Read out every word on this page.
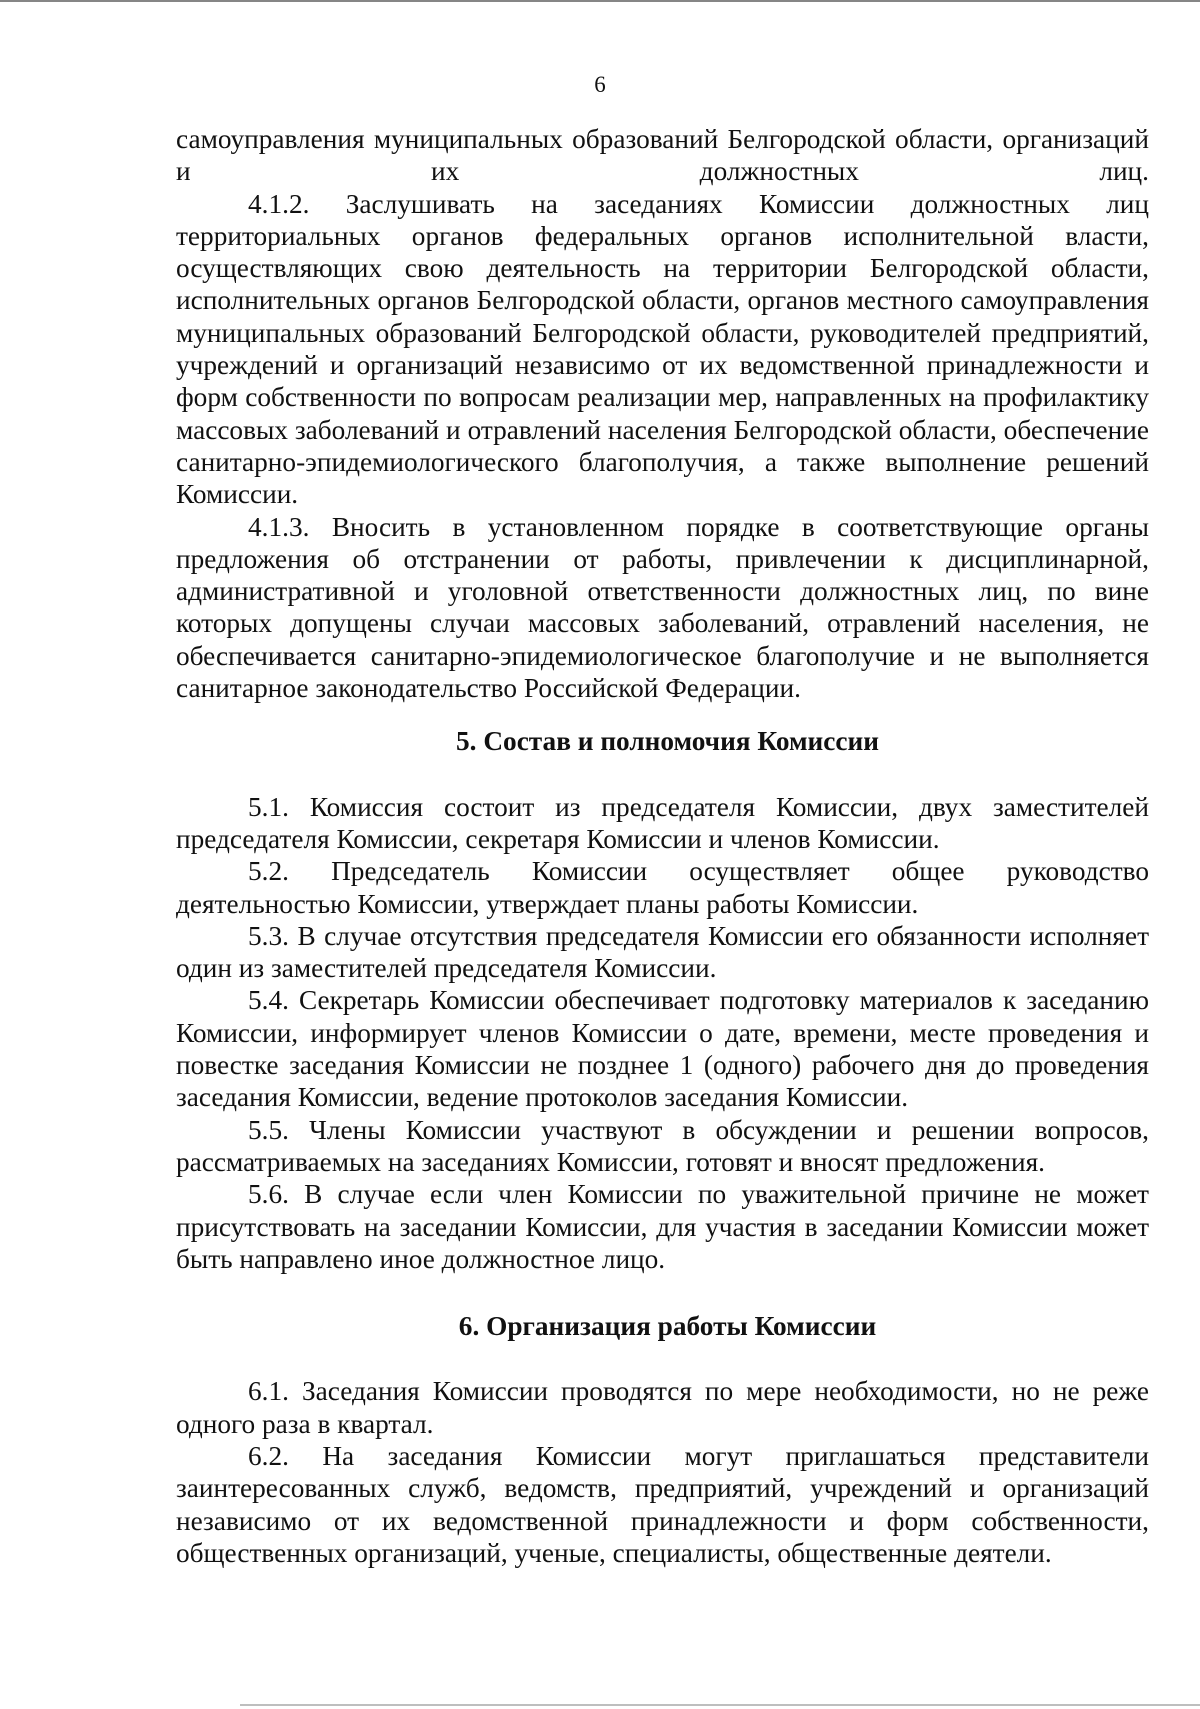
6

самоуправления муниципальных образований Белгородской области, организаций и их должностных лиц.

4.1.2. Заслушивать на заседаниях Комиссии должностных лиц территориальных органов федеральных органов исполнительной власти, осуществляющих свою деятельность на территории Белгородской области, исполнительных органов Белгородской области, органов местного самоуправления муниципальных образований Белгородской области, руководителей предприятий, учреждений и организаций независимо от их ведомственной принадлежности и форм собственности по вопросам реализации мер, направленных на профилактику массовых заболеваний и отравлений населения Белгородской области, обеспечение санитарно-эпидемиологического благополучия, а также выполнение решений Комиссии.

4.1.3. Вносить в установленном порядке в соответствующие органы предложения об отстранении от работы, привлечении к дисциплинарной, административной и уголовной ответственности должностных лиц, по вине которых допущены случаи массовых заболеваний, отравлений населения, не обеспечивается санитарно-эпидемиологическое благополучие и не выполняется санитарное законодательство Российской Федерации.

5. Состав и полномочия Комиссии

5.1. Комиссия состоит из председателя Комиссии, двух заместителей председателя Комиссии, секретаря Комиссии и членов Комиссии.

5.2. Председатель Комиссии осуществляет общее руководство деятельностью Комиссии, утверждает планы работы Комиссии.

5.3. В случае отсутствия председателя Комиссии его обязанности исполняет один из заместителей председателя Комиссии.

5.4. Секретарь Комиссии обеспечивает подготовку материалов к заседанию Комиссии, информирует членов Комиссии о дате, времени, месте проведения и повестке заседания Комиссии не позднее 1 (одного) рабочего дня до проведения заседания Комиссии, ведение протоколов заседания Комиссии.

5.5. Члены Комиссии участвуют в обсуждении и решении вопросов, рассматриваемых на заседаниях Комиссии, готовят и вносят предложения.

5.6. В случае если член Комиссии по уважительной причине не может присутствовать на заседании Комиссии, для участия в заседании Комиссии может быть направлено иное должностное лицо.

6. Организация работы Комиссии

6.1. Заседания Комиссии проводятся по мере необходимости, но не реже одного раза в квартал.

6.2. На заседания Комиссии могут приглашаться представители заинтересованных служб, ведомств, предприятий, учреждений и организаций независимо от их ведомственной принадлежности и форм собственности, общественных организаций, ученые, специалисты, общественные деятели.
